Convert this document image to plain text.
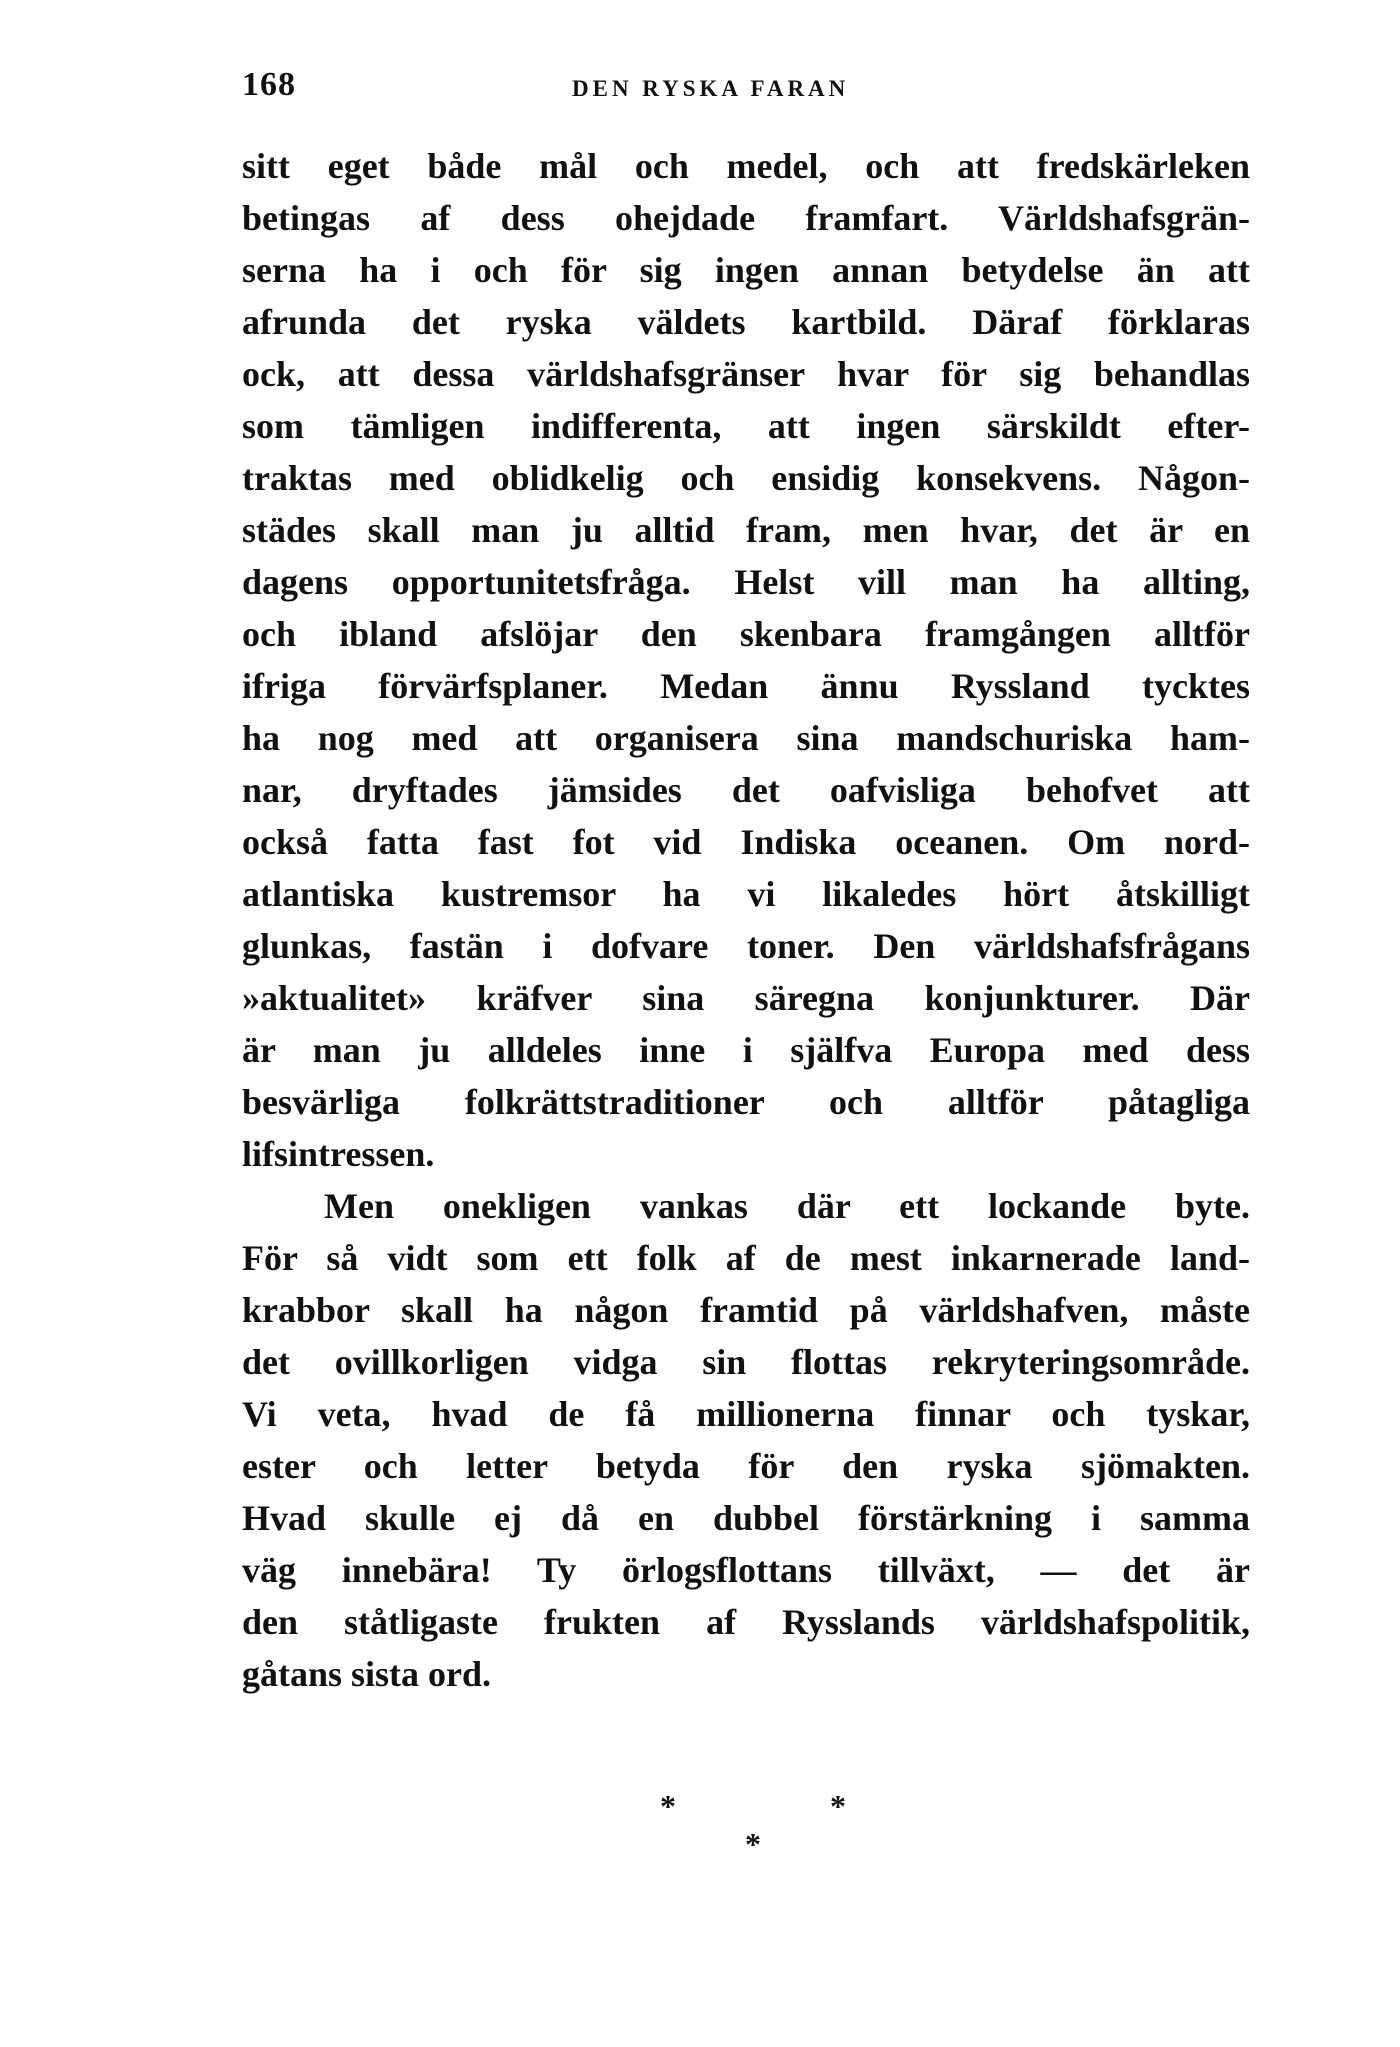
168	DEN RYSKA FARAN
sitt eget både mål och medel, och att fredskärleken
betingas af dess ohejdade framfart. Världshafsgrän-
serna ha i och för sig ingen annan betydelse än att
afrunda det ryska väldets kartbild. Däraf förklaras
ock, att dessa världshafsgränser hvar för sig behandlas
som tämligen indifferenta, att ingen särskildt efter-
traktas med oblidkelig och ensidig konsekvens. Någon-
städes skall man ju alltid fram, men hvar, det är en
dagens opportunitetsfråga. Helst vill man ha allting,
och ibland afslöjar den skenbara framgången alltför
ifriga förvärfsplaner. Medan ännu Ryssland tycktes
ha nog med att organisera sina mandschuriska ham-
nar, dryftades jämsides det oafvisliga behofvet att
också fatta fast fot vid Indiska oceanen. Om nord-
atlantiska kustremsor ha vi likaledes hört åtskilligt
glunkas, fastän i dofvare toner. Den världshafsfrågans
»aktualitet» kräfver sina säregna konjunkturer. Där
är man ju alldeles inne i själfva Europa med dess
besvärliga folkrättstraditioner och alltför påtagliga
lifsintressen.
Men onekligen vankas där ett lockande byte.
För så vidt som ett folk af de mest inkarnerade land-
krabbor skall ha någon framtid på världshafven, måste
det ovillkorligen vidga sin flottas rekryteringsområde.
Vi veta, hvad de få millionerna finnar och tyskar,
ester och letter betyda för den ryska sjömakten.
Hvad skulle ej då en dubbel förstärkning i samma
väg innebära! Ty örlogsflottans tillväxt, — det är
den ståtligaste frukten af Rysslands världshafspolitik,
gåtans sista ord.
*	*
*
